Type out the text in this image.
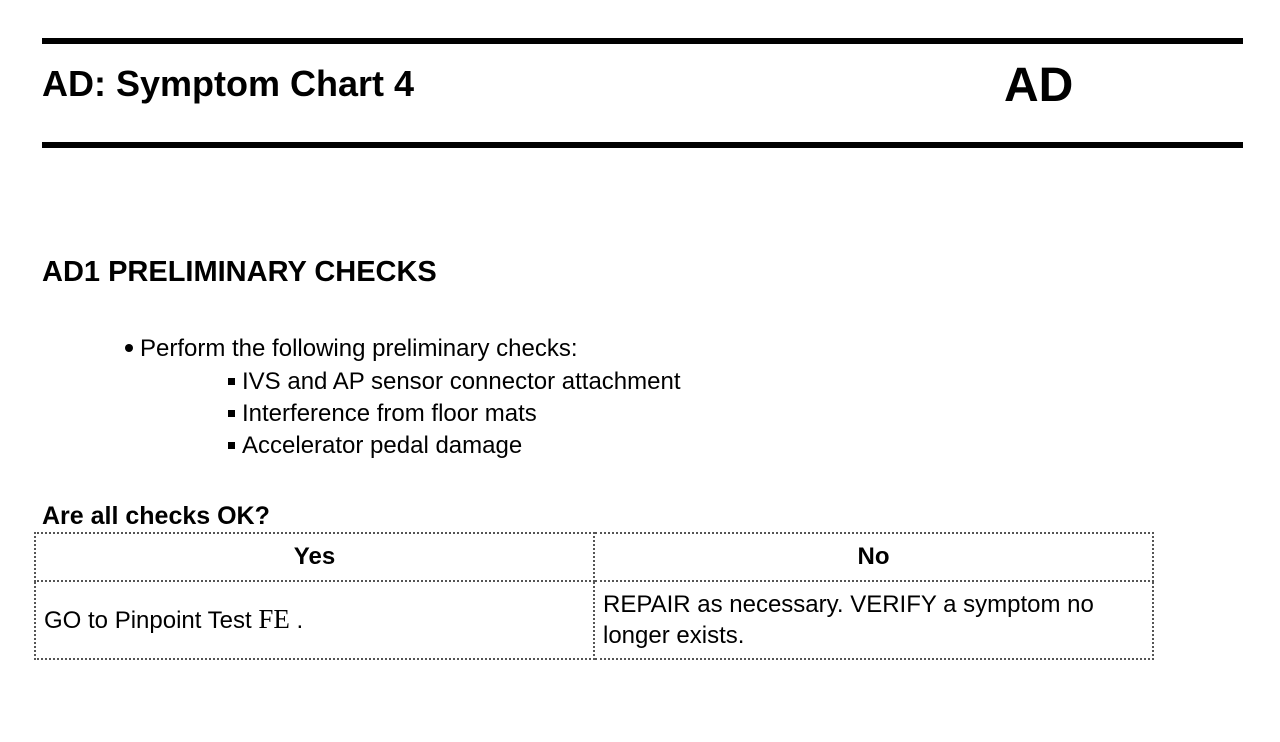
AD: Symptom Chart 4	AD
AD1 PRELIMINARY CHECKS
Perform the following preliminary checks:
IVS and AP sensor connector attachment
Interference from floor mats
Accelerator pedal damage
Are all checks OK?
Yes	No
GO to Pinpoint Test FE .	REPAIR as necessary. VERIFY a symptom no longer exists.
